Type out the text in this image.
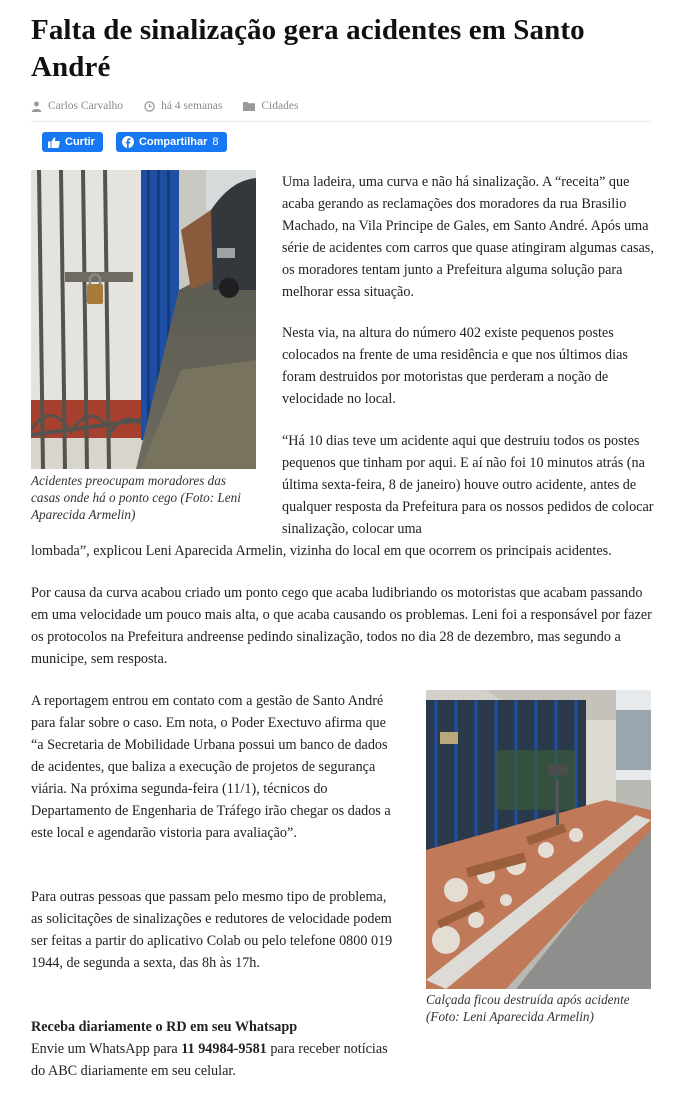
Falta de sinalização gera acidentes em Santo André
Carlos Carvalho	há 4 semanas	Cidades
Curtir	Compartilhar 8

Acidentes preocupam moradores das casas onde há o ponto cego (Foto: Leni Aparecida Armelin)

Uma ladeira, uma curva e não há sinalização. A “receita” que acaba gerando as reclamações dos moradores da rua Brasilio Machado, na Vila Principe de Gales, em Santo André. Após uma série de acidentes com carros que quase atingiram algumas casas, os moradores tentam junto a Prefeitura alguma solução para melhorar essa situação.

Nesta via, na altura do número 402 existe pequenos postes colocados na frente de uma residência e que nos últimos dias foram destruidos por motoristas que perderam a noção de velocidade no local.

“Há 10 dias teve um acidente aqui que destruiu todos os postes pequenos que tinham por aqui. E aí não foi 10 minutos atrás (na última sexta-feira, 8 de janeiro) houve outro acidente, antes de qualquer resposta da Prefeitura para os nossos pedidos de colocar sinalização, colocar uma

lombada”, explicou Leni Aparecida Armelin, vizinha do local em que ocorrem os principais acidentes.

Por causa da curva acabou criado um ponto cego que acaba ludibriando os motoristas que acabam passando em uma velocidade um pouco mais alta, o que acaba causando os problemas. Leni foi a responsável por fazer os protocolos na Prefeitura andreense pedindo sinalização, todos no dia 28 de dezembro, mas segundo a municipe, sem resposta.

A reportagem entrou em contato com a gestão de Santo André para falar sobre o caso. Em nota, o Poder Exectuvo afirma que “a Secretaria de Mobilidade Urbana possui um banco de dados de acidentes, que baliza a execução de projetos de segurança viária. Na próxima segunda-feira (11/1), técnicos do Departamento de Engenharia de Tráfego irão chegar os dados a este local e agendarão vistoria para avaliação”.

Para outras pessoas que passam pelo mesmo tipo de problema, as solicitações de sinalizações e redutores de velocidade podem ser feitas a partir do aplicativo Colab ou pelo telefone 0800 019 1944, de segunda a sexta, das 8h às 17h.

Calçada ficou destruída após acidente (Foto: Leni Aparecida Armelin)

Receba diariamente o RD em seu Whatsapp
Envie um WhatsApp para 11 94984-9581 para receber notícias do ABC diariamente em seu celular.
